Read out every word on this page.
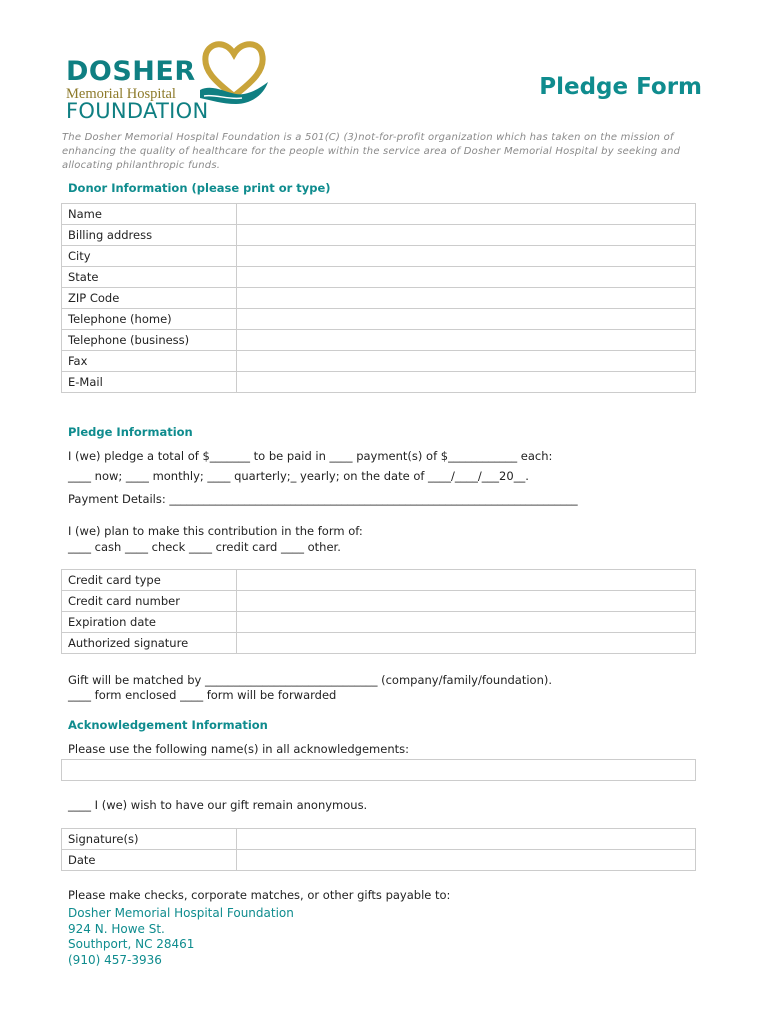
DOSHER
Memorial Hospital
FOUNDATION
Pledge Form
The Dosher Memorial Hospital Foundation is a 501(C) (3)not-for-profit organization which has taken on the mission of enhancing the quality of healthcare for the people within the service area of Dosher Memorial Hospital by seeking and allocating philanthropic funds.
Donor Information (please print or type)
Name	
Billing address	
City	
State	
ZIP Code	
Telephone (home)	
Telephone (business)	
Fax	
E-Mail	
Pledge Information
I (we) pledge a total of $_______ to be paid in ____ payment(s) of $____________ each:
____ now; ____ monthly; ____ quarterly;_ yearly; on the date of ____/____/___20__.
Payment Details: _______________________________________________________________________
I (we) plan to make this contribution in the form of:
____ cash ____ check ____ credit card ____ other.
Credit card type	
Credit card number	
Expiration date	
Authorized signature	
Gift will be matched by ______________________________ (company/family/foundation).
____ form enclosed ____ form will be forwarded
Acknowledgement Information
Please use the following name(s) in all acknowledgements:
____ I (we) wish to have our gift remain anonymous.
Signature(s)	
Date	
Please make checks, corporate matches, or other gifts payable to:
Dosher Memorial Hospital Foundation
924 N. Howe St.
Southport, NC 28461
(910) 457-3936
